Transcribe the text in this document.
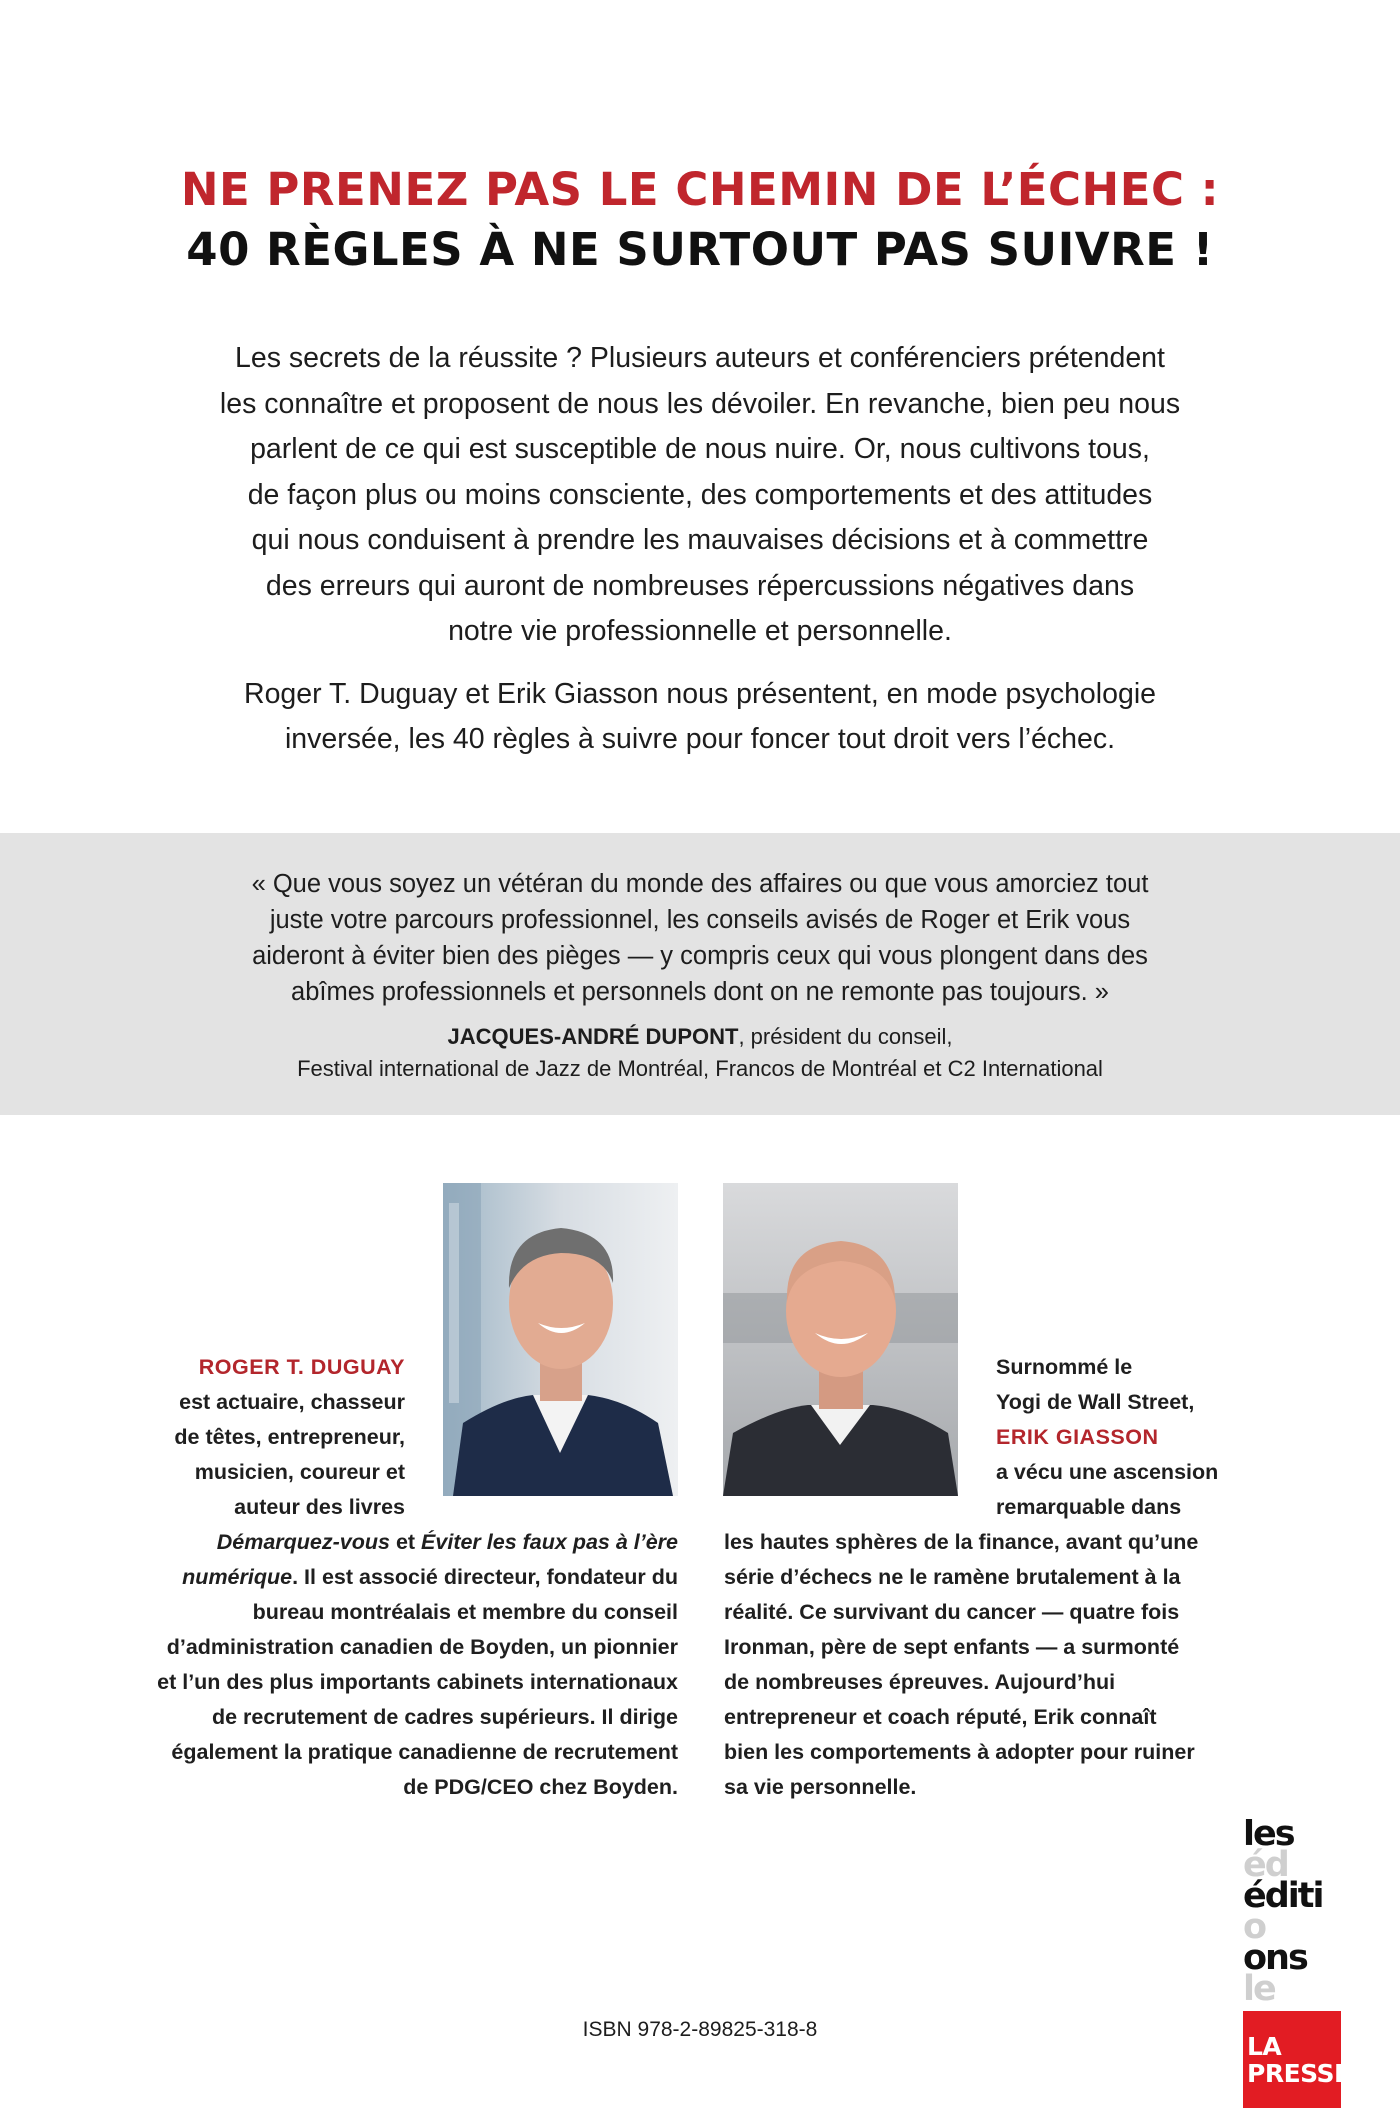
NE PRENEZ PAS LE CHEMIN DE L’ÉCHEC :
40 RÈGLES À NE SURTOUT PAS SUIVRE !

Les secrets de la réussite ? Plusieurs auteurs et conférenciers prétendent
les connaître et proposent de nous les dévoiler. En revanche, bien peu nous
parlent de ce qui est susceptible de nous nuire. Or, nous cultivons tous,
de façon plus ou moins consciente, des comportements et des attitudes
qui nous conduisent à prendre les mauvaises décisions et à commettre
des erreurs qui auront de nombreuses répercussions négatives dans
notre vie professionnelle et personnelle.

Roger T. Duguay et Erik Giasson nous présentent, en mode psychologie
inversée, les 40 règles à suivre pour foncer tout droit vers l’échec.

« Que vous soyez un vétéran du monde des affaires ou que vous amorciez tout
juste votre parcours professionnel, les conseils avisés de Roger et Erik vous
aideront à éviter bien des pièges — y compris ceux qui vous plongent dans des
abîmes professionnels et personnels dont on ne remonte pas toujours. »
JACQUES-ANDRÉ DUPONT, président du conseil,
Festival international de Jazz de Montréal, Francos de Montréal et C2 International
ROGER T. DUGUAY
est actuaire, chasseur
de têtes, entrepreneur,
musicien, coureur et
auteur des livres
Démarquez-vous et Éviter les faux pas à l’ère
numérique. Il est associé directeur, fondateur du
bureau montréalais et membre du conseil
d’administration canadien de Boyden, un pionnier
et l’un des plus importants cabinets internationaux
de recrutement de cadres supérieurs. Il dirige
également la pratique canadienne de recrutement
de PDG/CEO chez Boyden.
Surnommé le
Yogi de Wall Street,
ERIK GIASSON
a vécu une ascension
remarquable dans
les hautes sphères de la finance, avant qu’une
série d’échecs ne le ramène brutalement à la
réalité. Ce survivant du cancer — quatre fois
Ironman, père de sept enfants — a surmonté
de nombreuses épreuves. Aujourd’hui
entrepreneur et coach réputé, Erik connaît
bien les comportements à adopter pour ruiner
sa vie personnelle.
les
éd
éditi
o
ons
le
LA
PRESSE
ISBN 978-2-89825-318-8
